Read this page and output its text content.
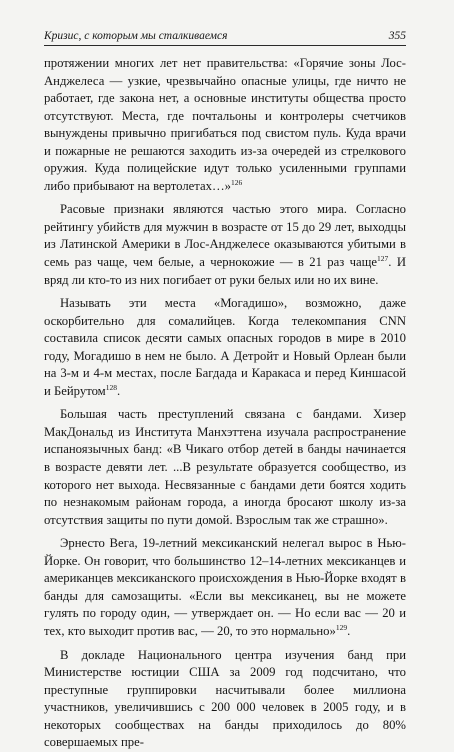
Кризис, с которым мы сталкиваемся	355

протяжении многих лет нет правительства: «Горячие зоны Лос-Анджелеса — узкие, чрезвычайно опасные улицы, где ничто не работает, где закона нет, а основные институты общества просто отсутствуют. Места, где почтальоны и контролеры счетчиков вынуждены привычно пригибаться под свистом пуль. Куда врачи и пожарные не решаются заходить из-за очередей из стрелкового оружия. Куда полицейские идут только усиленными группами либо прибывают на вертолетах…»$^{126}$

Расовые признаки являются частью этого мира. Согласно рейтингу убийств для мужчин в возрасте от 15 до 29 лет, выходцы из Латинской Америки в Лос-Анджелесе оказываются убитыми в семь раз чаще, чем белые, а чернокожие — в 21 раз чаще$^{127}$. И вряд ли кто-то из них погибает от руки белых или но их вине.

Называть эти места «Могадишо», возможно, даже оскорбительно для сомалийцев. Когда телекомпания CNN составила список десяти самых опасных городов в мире в 2010 году, Могадишо в нем не было. А Детройт и Новый Орлеан были на 3-м и 4-м местах, после Багдада и Каракаса и перед Киншасой и Бейрутом$^{128}$.

Большая часть преступлений связана с бандами. Хизер МакДональд из Института Манхэттена изучала распространение испаноязычных банд: «В Чикаго отбор детей в банды начинается в возрасте девяти лет. ...В результате образуется сообщество, из которого нет выхода. Несвязанные с бандами дети боятся ходить по незнакомым районам города, а иногда бросают школу из-за отсутствия защиты по пути домой. Взрослым так же страшно».

Эрнесто Вега, 19-летний мексиканский нелегал вырос в Нью-Йорке. Он говорит, что большинство 12–14-летних мексиканцев и американцев мексиканского происхождения в Нью-Йорке входят в банды для самозащиты. «Если вы мексиканец, вы не можете гулять по городу один, — утверждает он. — Но если вас — 20 и тех, кто выходит против вас, — 20, то это нормально»$^{129}$.

В докладе Национального центра изучения банд при Министерстве юстиции США за 2009 год подсчитано, что преступные группировки насчитывали более миллиона участников, увеличившись с 200 000 человек в 2005 году, и в некоторых сообществах на банды приходилось до 80% совершаемых пре-
